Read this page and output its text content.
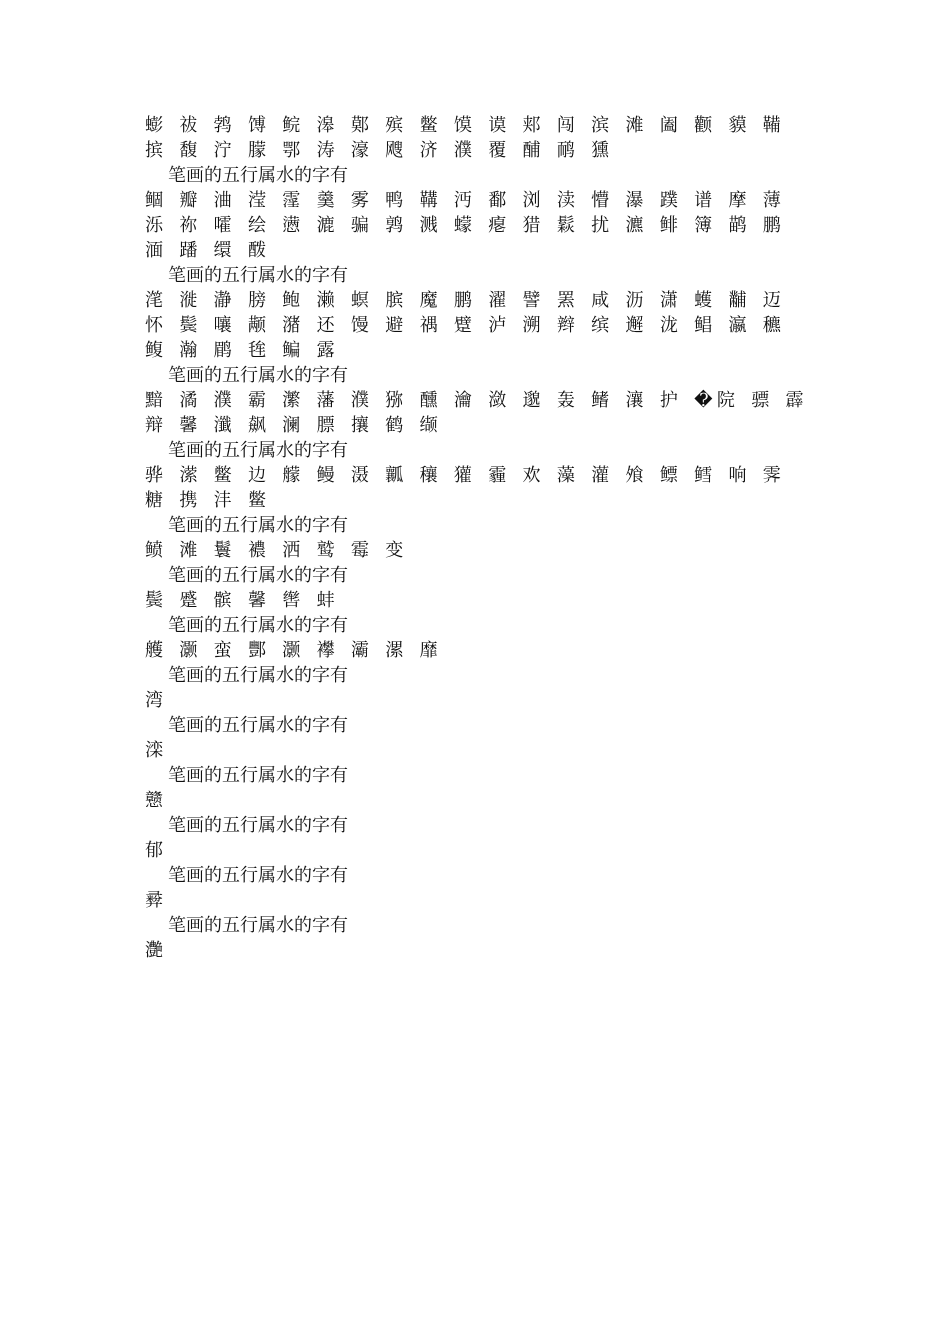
蟛 祓 鹁 馎 鲩 滜 鄚 殡 鳖 馍 谟 郏 闯 滨 滩 阖 颧 貘 鞴 摈 馥 泞 朦 鄂 涛 濠 飕 济 濮 覆 酺 鸸 獯

笔画的五行属水的字有

鲴 瓣 浀 滢 霪 羹 雾 鸭 鞲 沔 鄱 浏 渎 懵 瀑 蹼 谱 摩 薄 泺 祢 嚯 绘 懑 漉 骗 鹑 溅 蠓 瘪 猎 鬏 扰 瀌 鲱 簿 鹋 鹏 湎 蹯 缳 酦

笔画的五行属水的字有

滗 漇 瀞 膀 鲍 濑 螟 膑 魔 鹏 濯 譬 罴 咸 沥 潇 蠖 黼 迈 怀 鬓 嚷 颟 潴 还 馒 避 禑 躄 泸 溯 辫 缤 邂 泷 鲳 瀛 穮 鳆 瀚 鹛 毪 鳊 露

笔画的五行属水的字有

黯 潏 濮 霸 瀿 藩 濮 猕 醺 瀹 潋 邈 轰 鳍 瀼 护 �院 骠 霹 辩 馨 瀸 飙 澜 膘 攘 鹤 缬

笔画的五行属水的字有

骅 潆 鳖 边 艨 鳗 滠 瓤 穰 獾 霾 欢 藻 灌 飧 鳔 鳕 响 霁 糖 携 沣 鳖

笔画的五行属水的字有

鲼 滩 鬟 襛 洒 鹫 霉 变

笔画的五行属水的字有

鬓 蹙 髌 馨 辔 蚌

笔画的五行属水的字有

艧 灏 蛮 酆 灏 襻 灞 漯 靡

笔画的五行属水的字有

湾

笔画的五行属水的字有

滦

笔画的五行属水的字有

戆

笔画的五行属水的字有

郁

笔画的五行属水的字有

彛

笔画的五行属水的字有

灔
